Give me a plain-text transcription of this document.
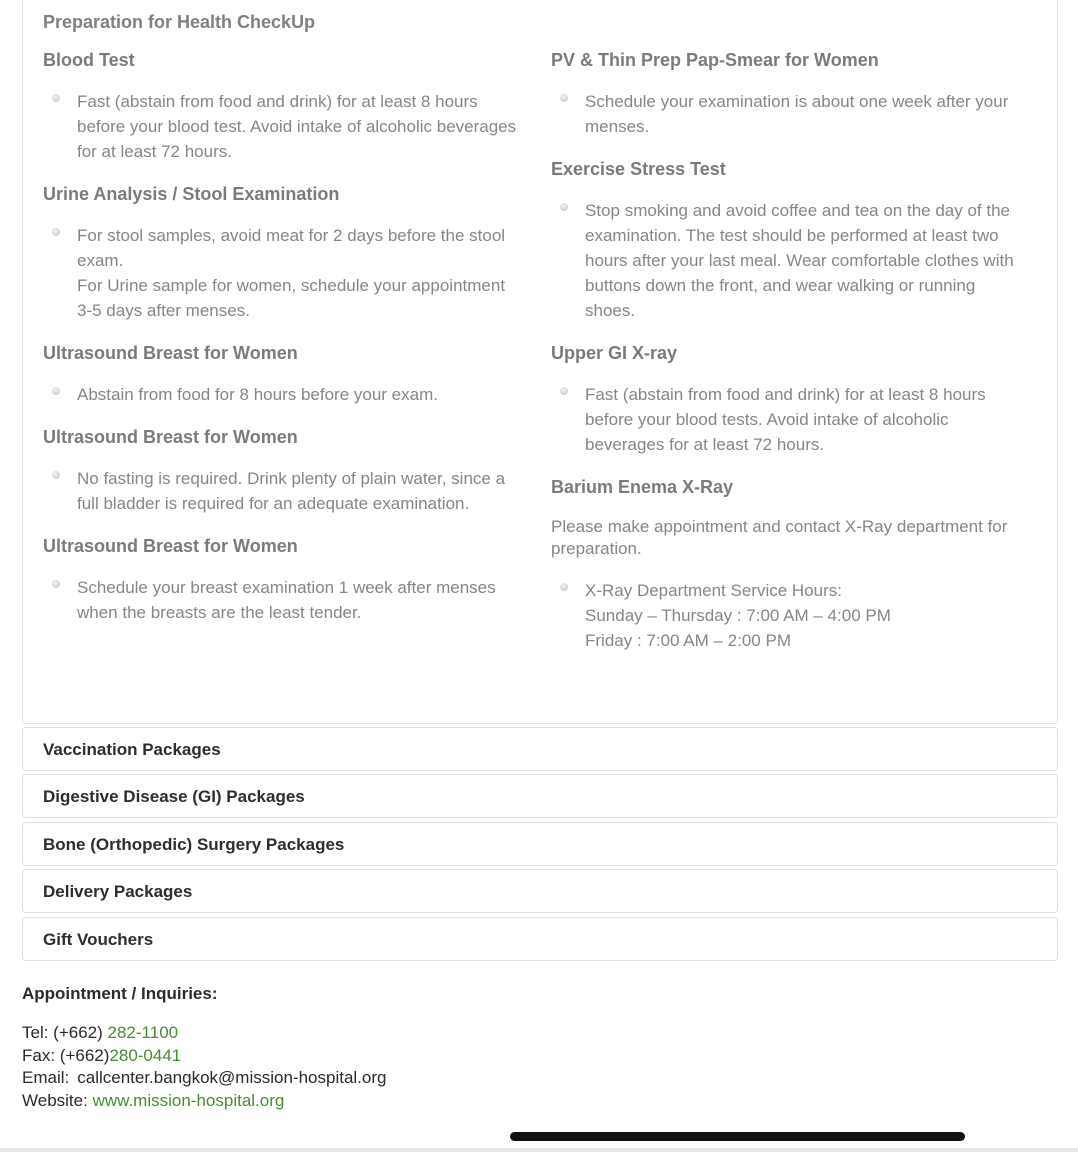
Preparation for Health CheckUp
Blood Test
Fast (abstain from food and drink) for at least 8 hours
before your blood test. Avoid intake of alcoholic beverages
for at least 72 hours.
Urine Analysis / Stool Examination
For stool samples, avoid meat for 2 days before the stool
exam.
For Urine sample for women, schedule your appointment
3-5 days after menses.
Ultrasound Breast for Women
Abstain from food for 8 hours before your exam.
Ultrasound Breast for Women
No fasting is required. Drink plenty of plain water, since a
full bladder is required for an adequate examination.
Ultrasound Breast for Women
Schedule your breast examination 1 week after menses
when the breasts are the least tender.
PV & Thin Prep Pap-Smear for Women
Schedule your examination is about one week after your
menses.
Exercise Stress Test
Stop smoking and avoid coffee and tea on the day of the
examination. The test should be performed at least two
hours after your last meal. Wear comfortable clothes with
buttons down the front, and wear walking or running
shoes.
Upper GI X-ray
Fast (abstain from food and drink) for at least 8 hours
before your blood tests. Avoid intake of alcoholic
beverages for at least 72 hours.
Barium Enema X-Ray
Please make appointment and contact X-Ray department for
preparation.
X-Ray Department Service Hours:
Sunday – Thursday : 7:00 AM – 4:00 PM
Friday : 7:00 AM – 2:00 PM
Vaccination Packages
Digestive Disease (GI) Packages
Bone (Orthopedic) Surgery Packages
Delivery Packages
Gift Vouchers
Appointment / Inquiries:
Tel: (+662) 282-1100
Fax: (+662)280-0441
Email: callcenter.bangkok@mission-hospital.org
Website: www.mission-hospital.org
